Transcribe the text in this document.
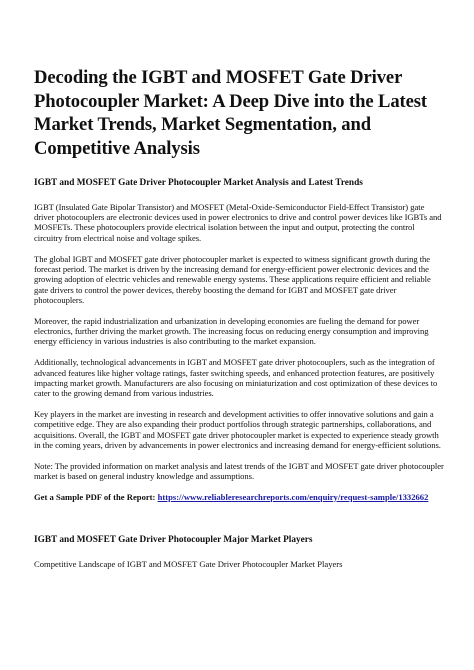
Decoding the IGBT and MOSFET Gate Driver Photocoupler Market: A Deep Dive into the Latest Market Trends, Market Segmentation, and Competitive Analysis
IGBT and MOSFET Gate Driver Photocoupler Market Analysis and Latest Trends

IGBT (Insulated Gate Bipolar Transistor) and MOSFET (Metal-Oxide-Semiconductor Field-Effect Transistor) gate driver photocouplers are electronic devices used in power electronics to drive and control power devices like IGBTs and MOSFETs. These photocouplers provide electrical isolation between the input and output, protecting the control circuitry from electrical noise and voltage spikes.

The global IGBT and MOSFET gate driver photocoupler market is expected to witness significant growth during the forecast period. The market is driven by the increasing demand for energy-efficient power electronic devices and the growing adoption of electric vehicles and renewable energy systems. These applications require efficient and reliable gate drivers to control the power devices, thereby boosting the demand for IGBT and MOSFET gate driver photocouplers.

Moreover, the rapid industrialization and urbanization in developing economies are fueling the demand for power electronics, further driving the market growth. The increasing focus on reducing energy consumption and improving energy efficiency in various industries is also contributing to the market expansion.

Additionally, technological advancements in IGBT and MOSFET gate driver photocouplers, such as the integration of advanced features like higher voltage ratings, faster switching speeds, and enhanced protection features, are positively impacting market growth. Manufacturers are also focusing on miniaturization and cost optimization of these devices to cater to the growing demand from various industries.

Key players in the market are investing in research and development activities to offer innovative solutions and gain a competitive edge. They are also expanding their product portfolios through strategic partnerships, collaborations, and acquisitions. Overall, the IGBT and MOSFET gate driver photocoupler market is expected to experience steady growth in the coming years, driven by advancements in power electronics and increasing demand for energy-efficient solutions.

Note: The provided information on market analysis and latest trends of the IGBT and MOSFET gate driver photocoupler market is based on general industry knowledge and assumptions.

Get a Sample PDF of the Report: https://www.reliableresearchreports.com/enquiry/request-sample/1332662

IGBT and MOSFET Gate Driver Photocoupler Major Market Players

Competitive Landscape of IGBT and MOSFET Gate Driver Photocoupler Market Players
